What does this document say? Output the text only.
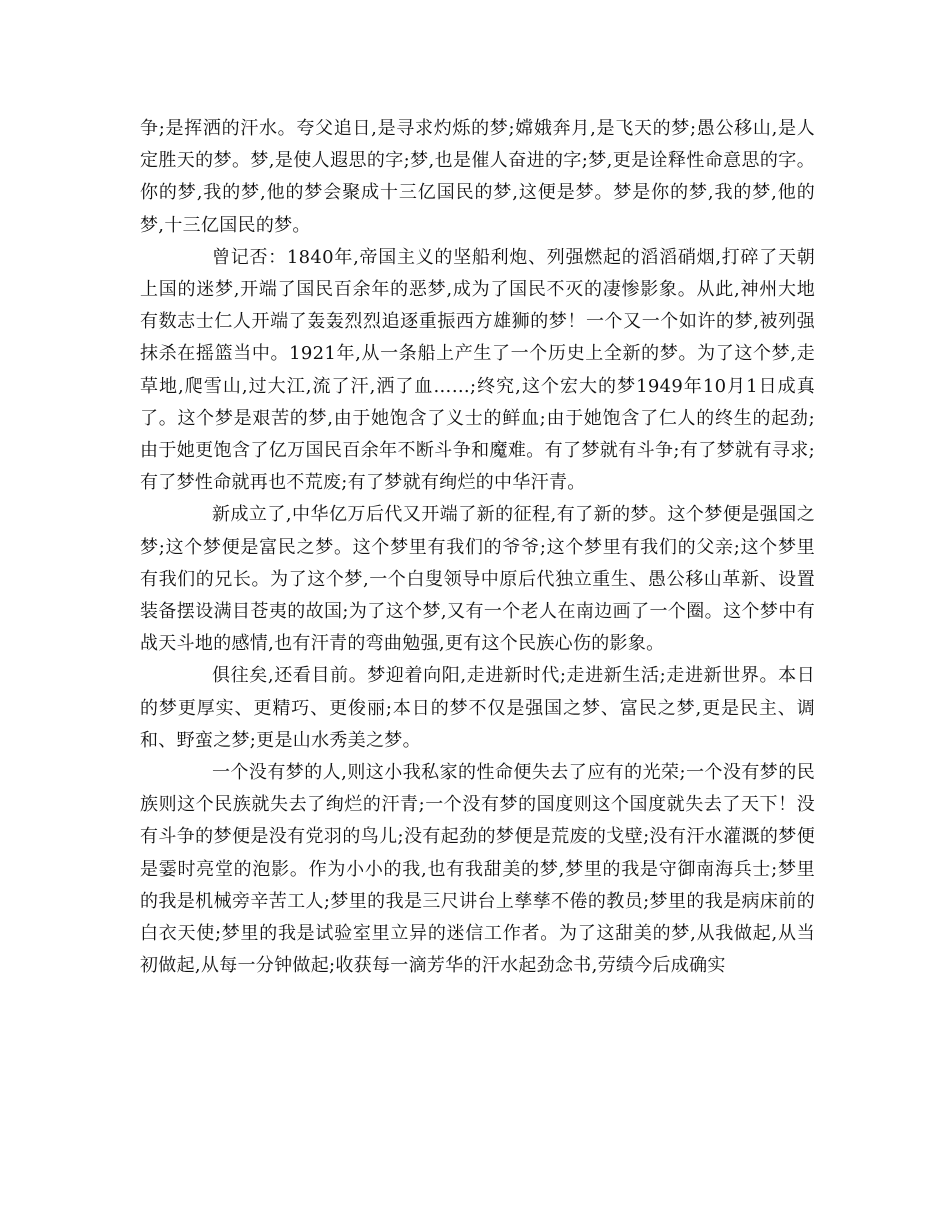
争;是挥洒的汗水。夸父追日,是寻求灼烁的梦;嫦娥奔月,是飞天的梦;愚公移山,是人定胜天的梦。梦,是使人遐思的字;梦,也是催人奋进的字;梦,更是诠释性命意思的字。你的梦,我的梦,他的梦会聚成十三亿国民的梦,这便是梦。梦是你的梦,我的梦,他的梦,十三亿国民的梦。

曾记否：1840年,帝国主义的坚船利炮、列强燃起的滔滔硝烟,打碎了天朝上国的迷梦,开端了国民百余年的恶梦,成为了国民不灭的凄惨影象。从此,神州大地有数志士仁人开端了轰轰烈烈追逐重振西方雄狮的梦！一个又一个如许的梦,被列强抹杀在摇篮当中。1921年,从一条船上产生了一个历史上全新的梦。为了这个梦,走草地,爬雪山,过大江,流了汗,洒了血……;终究,这个宏大的梦1949年10月1日成真了。这个梦是艰苦的梦,由于她饱含了义士的鲜血;由于她饱含了仁人的终生的起劲;由于她更饱含了亿万国民百余年不断斗争和魔难。有了梦就有斗争;有了梦就有寻求;有了梦性命就再也不荒废;有了梦就有绚烂的中华汗青。

新成立了,中华亿万后代又开端了新的征程,有了新的梦。这个梦便是强国之梦;这个梦便是富民之梦。这个梦里有我们的爷爷;这个梦里有我们的父亲;这个梦里有我们的兄长。为了这个梦,一个白叟领导中原后代独立重生、愚公移山革新、设置装备摆设满目苍夷的故国;为了这个梦,又有一个老人在南边画了一个圈。这个梦中有战天斗地的感情,也有汗青的弯曲勉强,更有这个民族心伤的影象。

俱往矣,还看目前。梦迎着向阳,走进新时代;走进新生活;走进新世界。本日的梦更厚实、更精巧、更俊丽;本日的梦不仅是强国之梦、富民之梦,更是民主、调和、野蛮之梦;更是山水秀美之梦。

一个没有梦的人,则这小我私家的性命便失去了应有的光荣;一个没有梦的民族则这个民族就失去了绚烂的汗青;一个没有梦的国度则这个国度就失去了天下！没有斗争的梦便是没有党羽的鸟儿;没有起劲的梦便是荒废的戈壁;没有汗水灌溉的梦便是霎时亮堂的泡影。作为小小的我,也有我甜美的梦,梦里的我是守御南海兵士;梦里的我是机械旁辛苦工人;梦里的我是三尺讲台上孳孳不倦的教员;梦里的我是病床前的白衣天使;梦里的我是试验室里立异的迷信工作者。为了这甜美的梦,从我做起,从当初做起,从每一分钟做起;收获每一滴芳华的汗水起劲念书,劳绩今后成确实
